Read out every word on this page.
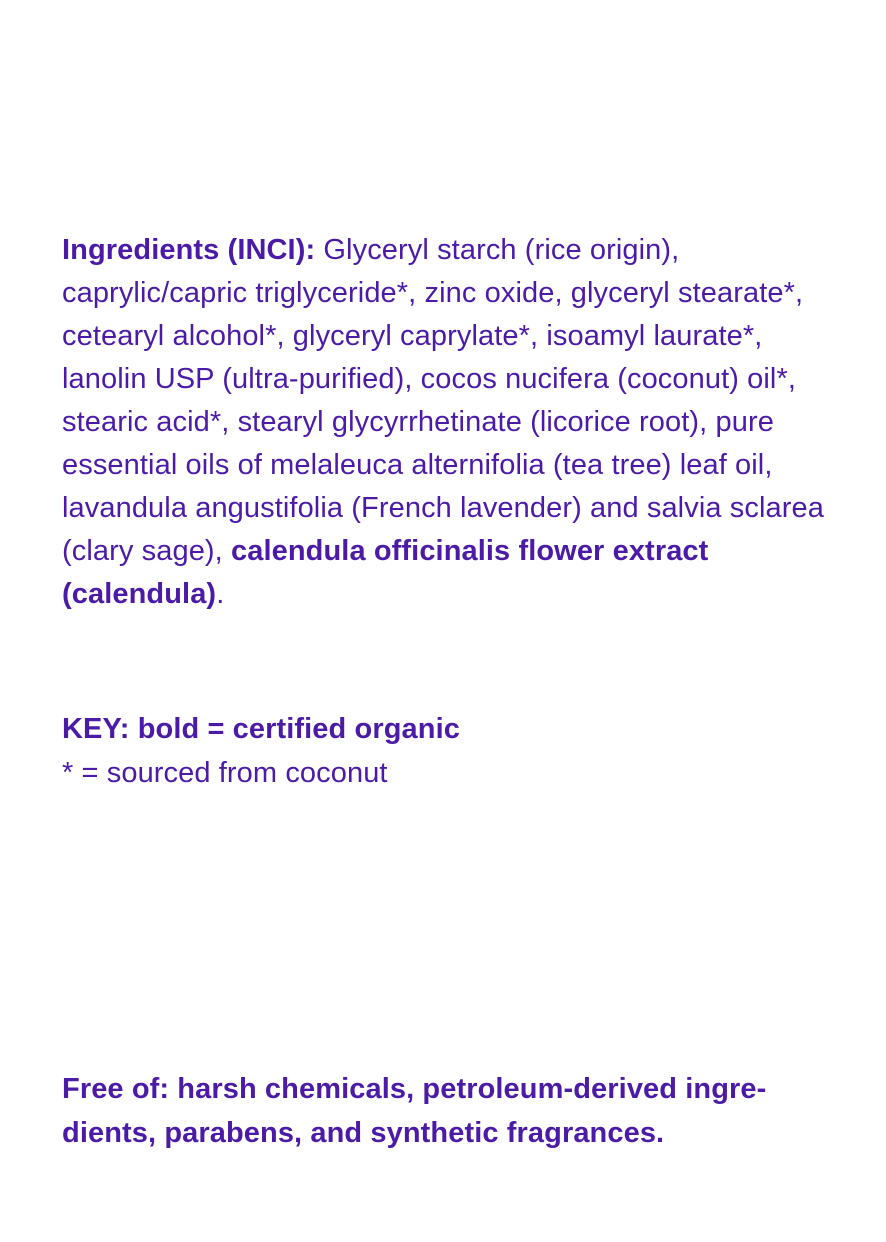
Ingredients (INCI): Glyceryl starch (rice origin), caprylic/capric triglyceride*, zinc oxide, glyceryl stearate*, cetearyl alcohol*, glyceryl caprylate*, isoamyl laurate*, lanolin USP (ultra-purified), cocos nucifera (coconut) oil*, stearic acid*, stearyl glycyrrhetinate (licorice root), pure essential oils of melaleuca alternifolia (tea tree) leaf oil, lavandula angustifolia (French lavender) and salvia sclarea (clary sage), calendula officinalis flower extract (calendula).

KEY: bold = certified organic
* = sourced from coconut

Free of: harsh chemicals, petroleum-derived ingre-dients, parabens, and synthetic fragrances.
